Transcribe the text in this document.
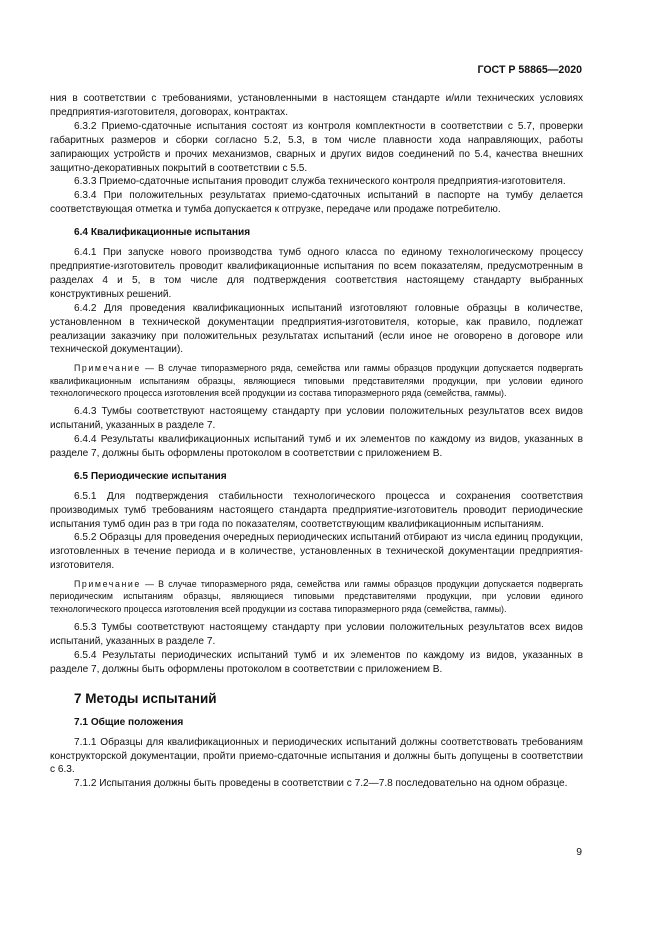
ГОСТ Р 58865—2020

ния в соответствии с требованиями, установленными в настоящем стандарте и/или технических условиях предприятия-изготовителя, договорах, контрактах.

6.3.2 Приемо-сдаточные испытания состоят из контроля комплектности в соответствии с 5.7, проверки габаритных размеров и сборки согласно 5.2, 5.3, в том числе плавности хода направляющих, работы запирающих устройств и прочих механизмов, сварных и других видов соединений по 5.4, качества внешних защитно-декоративных покрытий в соответствии с 5.5.

6.3.3 Приемо-сдаточные испытания проводит служба технического контроля предприятия-изготовителя.

6.3.4 При положительных результатах приемо-сдаточных испытаний в паспорте на тумбу делается соответствующая отметка и тумба допускается к отгрузке, передаче или продаже потребителю.

6.4 Квалификационные испытания

6.4.1 При запуске нового производства тумб одного класса по единому технологическому процессу предприятие-изготовитель проводит квалификационные испытания по всем показателям, предусмотренным в разделах 4 и 5, в том числе для подтверждения соответствия настоящему стандарту выбранных конструктивных решений.

6.4.2 Для проведения квалификационных испытаний изготовляют головные образцы в количестве, установленном в технической документации предприятия-изготовителя, которые, как правило, подлежат реализации заказчику при положительных результатах испытаний (если иное не оговорено в договоре или технической документации).

Примечание — В случае типоразмерного ряда, семейства или гаммы образцов продукции допускается подвергать квалификационным испытаниям образцы, являющиеся типовыми представителями продукции, при условии единого технологического процесса изготовления всей продукции из состава типоразмерного ряда (семейства, гаммы).

6.4.3 Тумбы соответствуют настоящему стандарту при условии положительных результатов всех видов испытаний, указанных в разделе 7.

6.4.4 Результаты квалификационных испытаний тумб и их элементов по каждому из видов, указанных в разделе 7, должны быть оформлены протоколом в соответствии с приложением В.

6.5 Периодические испытания

6.5.1 Для подтверждения стабильности технологического процесса и сохранения соответствия производимых тумб требованиям настоящего стандарта предприятие-изготовитель проводит периодические испытания тумб один раз в три года по показателям, соответствующим квалификационным испытаниям.

6.5.2 Образцы для проведения очередных периодических испытаний отбирают из числа единиц продукции, изготовленных в течение периода и в количестве, установленных в технической документации предприятия-изготовителя.

Примечание — В случае типоразмерного ряда, семейства или гаммы образцов продукции допускается подвергать периодическим испытаниям образцы, являющиеся типовыми представителями продукции, при условии единого технологического процесса изготовления всей продукции из состава типоразмерного ряда (семейства, гаммы).

6.5.3 Тумбы соответствуют настоящему стандарту при условии положительных результатов всех видов испытаний, указанных в разделе 7.

6.5.4 Результаты периодических испытаний тумб и их элементов по каждому из видов, указанных в разделе 7, должны быть оформлены протоколом в соответствии с приложением В.

7 Методы испытаний
7.1 Общие положения

7.1.1 Образцы для квалификационных и периодических испытаний должны соответствовать требованиям конструкторской документации, пройти приемо-сдаточные испытания и должны быть допущены в соответствии с 6.3.

7.1.2 Испытания должны быть проведены в соответствии с 7.2—7.8 последовательно на одном образце.

9
